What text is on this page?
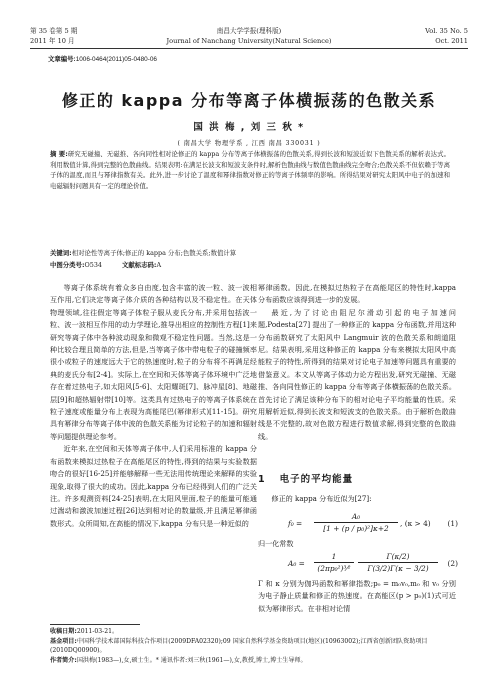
第 35 卷第 5 期	南昌大学学报(理科版)	Vol. 35 No. 5
2011 年 10 月	Journal of Nanchang University(Natural Science)	Oct. 2011
文章编号:1006-0464(2011)05-0480-06
修正的 kappa 分布等离子体横振荡的色散关系
国 洪 梅 , 刘 三 秋 *
( 南昌大学 物理学系 , 江西 南昌 330031 )
摘 要:研究无碰撞、无磁推、各向同性相对论修正的 kappa 分布等离子体横振荡的色散关系,得到长波和短波近似下色散关系的解析表达式。利用数值计算,得到完整的色散曲线。结果表明:在满足长波支和短波支条件时,解析色散曲线与数值色散曲线完全吻合;色散关系不但依赖于等离子体的温度,而且与幂律指数有关。此外,进一步讨论了温度和幂律指数对修正的等离子体频率的影响。所得结果对研究太阳风中电子的加速和电磁辐射问题具有一定的理论价值。
关键词:相对论性等离子体;修正的 kappa 分布;色散关系;数值计算
中图分类号:O534	文献标志码:A

等离子体系统有着众多自由度,包含丰富的波一粒、波一波相互作用,它们决定等离子体介质的各种结构以及不稳定性。在天体物理领域,往往假定等离子体粒子服从麦氏分布,并采用包括波一粒、波一波相互作用的动力学理论,推导出相应的控制性方程[1]来研究等离子体中各种波动现象和微观不稳定性问题。当然,这是一种比较合理且简单的方法,但是,当等离子体中带电粒子的碰撞频率很小或粒子的速度远大于它的热速度时,粒子的分布将不再满足经典的麦氏分布[2-4]。实际上,在空间和天体等离子体环境中广泛地存在着过热电子,如太阳风[5-6]、太阳耀斑[7]、脉冲星[8]、地磁层[9]和超热辐射带[10]等。这类具有过热电子的等离子体系统在粒子速度或能量分布上表现为高能尾巴(幂律形式)[11-15]。研究具有幂律分布等离子体中波的色散关系能为讨论粒子的加速和辐射等问题提供理论参考。

近年来,在空间和天体等离子体中,人们采用标准的 kappa 分布函数来模拟过热粒子在高能尾区的特性,得到的结果与实验数据吻合的很好[16-25]并能够解释一些无法用传统理论来解释的实验现象,取得了很大的成功。因此,kappa 分布已经得到人们的广泛关注。许多观测资料[24-25]表明,在太阳风里面,粒子的能量可能通过湍动和激波加速过程[26]达到相对论的数量级,并且满足幂律函数形式。众所周知,在高能的情况下,kappa 分布只是一种近似的

幂律函数。因此,在模拟过热粒子在高能尾区的特性时,kappa 分布函数应该得到进一步的发展。

最近,为了讨论由阻尼尔滑动引起的电子加速问题,Podesta[27] 提出了一种修正的 kappa 分布函数,并用这种分布函数研究了太阳风中 Langmuir 波的色散关系和朗道阻尼。结果表明,采用这种修正的 kappa 分布来模拟太阳风中高能粒子的特性,所得到的结果对讨论电子加速等问题具有重要的借鉴意义。本文从等离子体动力论方程出发,研究无碰撞、无磁推、各向同性修正的 kappa 分布等离子体横振荡的色散关系。首先讨论了满足该种分布下的相对论电子平均能量的性质。采用解析近似,得到长波支和短波支的色散关系。由于解析色散曲线是不完整的,故对色散方程进行数值求解,得到完整的色散曲线。

1 电子的平均能量
修正的 kappa 分布近似为[27]:
$f_0 = \frac{\text{A₀}}{\text{[1 + (p / p₀)²]κ+2}}$ , (κ > 4) (1)
归一化常数
$A_0 = \frac{1}{\text{(2πp₀²)³⁄²}} \frac{\Gamma(\kappa/2)}{\Gamma(3/2)\Gamma(\kappa - 3/2)} (2)$
Γ 和 κ 分别为伽玛函数和幂律指数;p₀ = m₀v₀,m₀ 和 v₀ 分别为电子静止质量和修正的热速度。在高能区(p > p₀)(1)式可近似为幂律形式。在非相对论情
收稿日期:2011-03-21。
基金项目:中国科学技术部国际科技合作项目(2009DFA02320);09 国家自然科学基金资助项目(地区)(10963002);江西省创新团队资助项目(2010DQ00900)。
作者简介:国洪梅(1983—),女,硕士生。* 通讯作者:刘三秋(1961—),女,教授,博士,博士生导师。
